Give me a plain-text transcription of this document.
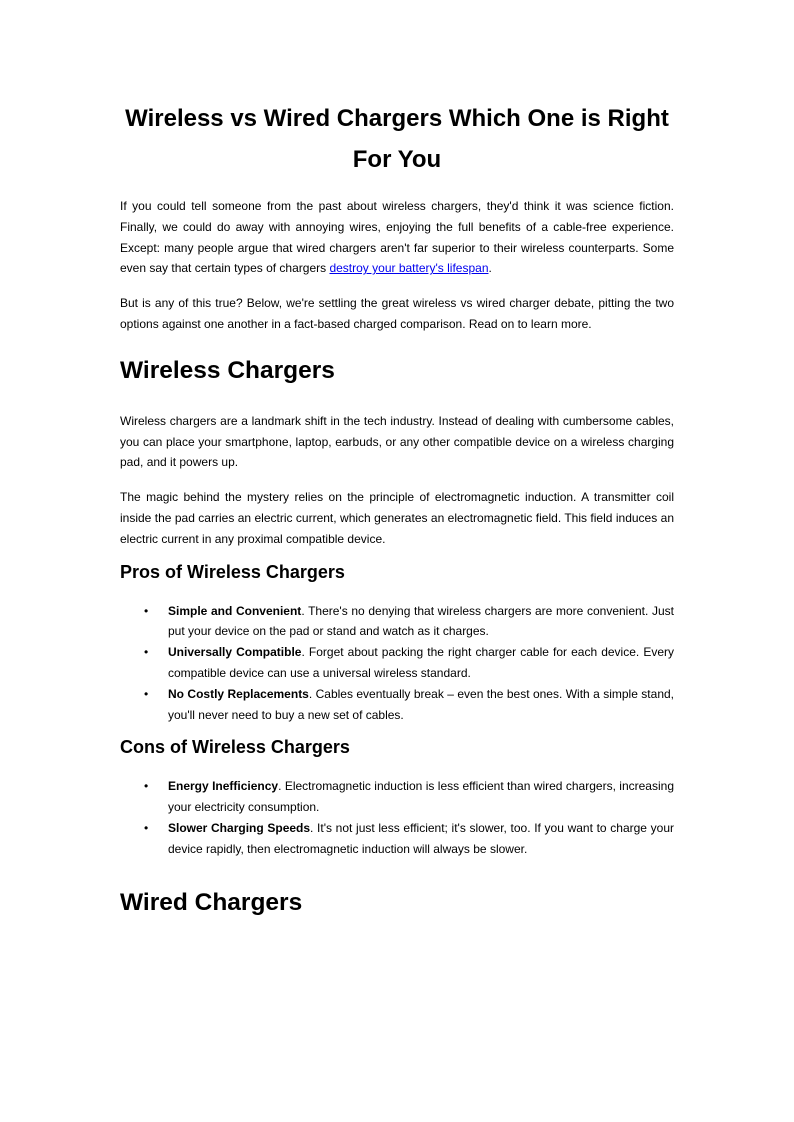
Wireless vs Wired Chargers Which One is Right For You

If you could tell someone from the past about wireless chargers, they'd think it was science fiction. Finally, we could do away with annoying wires, enjoying the full benefits of a cable-free experience. Except: many people argue that wired chargers aren't far superior to their wireless counterparts. Some even say that certain types of chargers destroy your battery's lifespan.

But is any of this true? Below, we're settling the great wireless vs wired charger debate, pitting the two options against one another in a fact-based charged comparison. Read on to learn more.

Wireless Chargers

Wireless chargers are a landmark shift in the tech industry. Instead of dealing with cumbersome cables, you can place your smartphone, laptop, earbuds, or any other compatible device on a wireless charging pad, and it powers up.

The magic behind the mystery relies on the principle of electromagnetic induction. A transmitter coil inside the pad carries an electric current, which generates an electromagnetic field. This field induces an electric current in any proximal compatible device.

Pros of Wireless Chargers
• Simple and Convenient. There's no denying that wireless chargers are more convenient. Just put your device on the pad or stand and watch as it charges.
• Universally Compatible. Forget about packing the right charger cable for each device. Every compatible device can use a universal wireless standard.
• No Costly Replacements. Cables eventually break – even the best ones. With a simple stand, you'll never need to buy a new set of cables.
Cons of Wireless Chargers
• Energy Inefficiency. Electromagnetic induction is less efficient than wired chargers, increasing your electricity consumption.
• Slower Charging Speeds. It's not just less efficient; it's slower, too. If you want to charge your device rapidly, then electromagnetic induction will always be slower.
Wired Chargers
